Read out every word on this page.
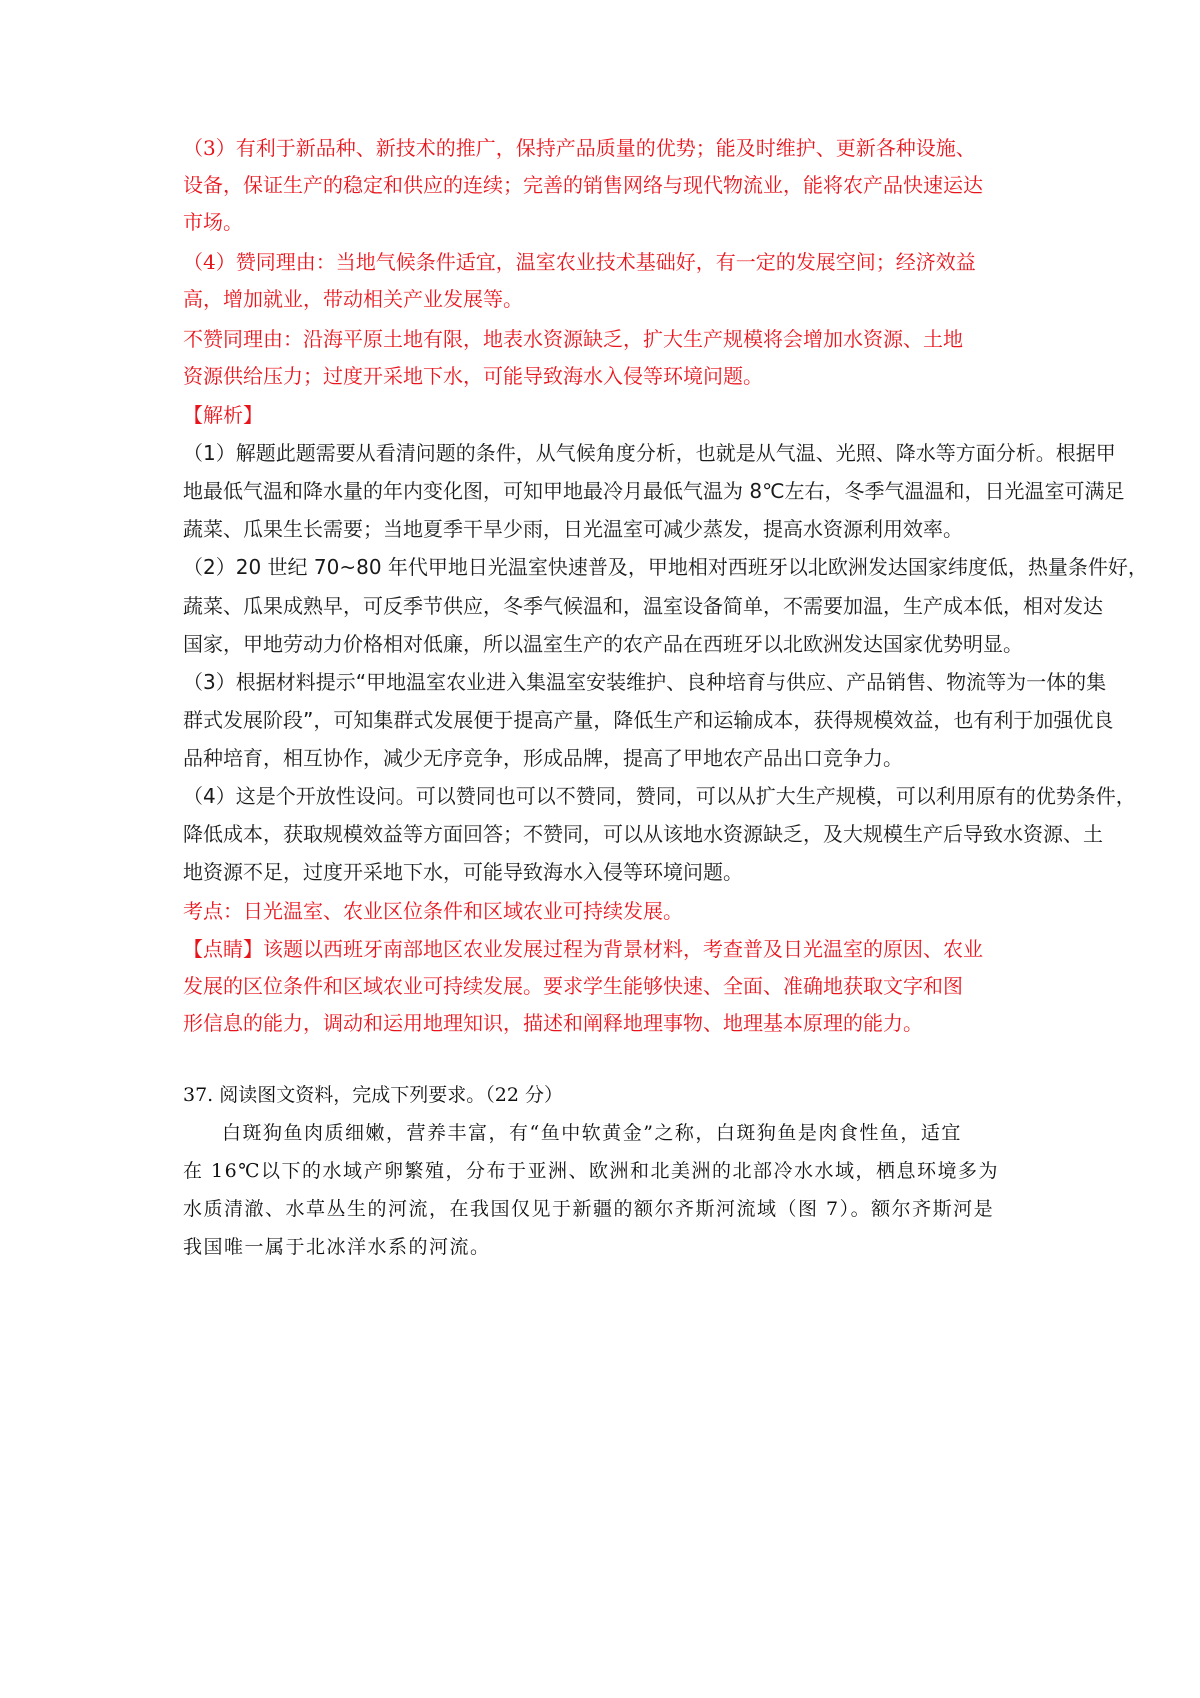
（3）有利于新品种、新技术的推广，保持产品质量的优势；能及时维护、更新各种设施、
设备，保证生产的稳定和供应的连续；完善的销售网络与现代物流业，能将农产品快速运达
市场。
（4）赞同理由：当地气候条件适宜，温室农业技术基础好，有一定的发展空间；经济效益
高，增加就业，带动相关产业发展等。
不赞同理由：沿海平原土地有限，地表水资源缺乏，扩大生产规模将会增加水资源、土地
资源供给压力；过度开采地下水，可能导致海水入侵等环境问题。
【解析】
（1）解题此题需要从看清问题的条件，从气候角度分析，也就是从气温、光照、降水等方面分析。根据甲
地最低气温和降水量的年内变化图，可知甲地最冷月最低气温为 8℃左右，冬季气温温和，日光温室可满足
蔬菜、瓜果生长需要；当地夏季干旱少雨，日光温室可减少蒸发，提高水资源利用效率。
（2）20 世纪 70~80 年代甲地日光温室快速普及，甲地相对西班牙以北欧洲发达国家纬度低，热量条件好，
蔬菜、瓜果成熟早，可反季节供应，冬季气候温和，温室设备简单，不需要加温，生产成本低，相对发达
国家，甲地劳动力价格相对低廉，所以温室生产的农产品在西班牙以北欧洲发达国家优势明显。
（3）根据材料提示“甲地温室农业进入集温室安装维护、良种培育与供应、产品销售、物流等为一体的集
群式发展阶段”，可知集群式发展便于提高产量，降低生产和运输成本，获得规模效益，也有利于加强优良
品种培育，相互协作，减少无序竞争，形成品牌，提高了甲地农产品出口竞争力。
（4）这是个开放性设问。可以赞同也可以不赞同，赞同，可以从扩大生产规模，可以利用原有的优势条件，
降低成本，获取规模效益等方面回答；不赞同，可以从该地水资源缺乏，及大规模生产后导致水资源、土
地资源不足，过度开采地下水，可能导致海水入侵等环境问题。
考点：日光温室、农业区位条件和区域农业可持续发展。
【点睛】该题以西班牙南部地区农业发展过程为背景材料，考查普及日光温室的原因、农业
发展的区位条件和区域农业可持续发展。要求学生能够快速、全面、准确地获取文字和图
形信息的能力，调动和运用地理知识，描述和阐释地理事物、地理基本原理的能力。
37. 阅读图文资料，完成下列要求。（22 分）
白斑狗鱼肉质细嫩，营养丰富，有“鱼中软黄金”之称，白斑狗鱼是肉食性鱼，适宜
在 16℃以下的水域产卵繁殖，分布于亚洲、欧洲和北美洲的北部冷水水域，栖息环境多为
水质清澈、水草丛生的河流，在我国仅见于新疆的额尔齐斯河流域（图 7）。额尔齐斯河是
我国唯一属于北冰洋水系的河流。
